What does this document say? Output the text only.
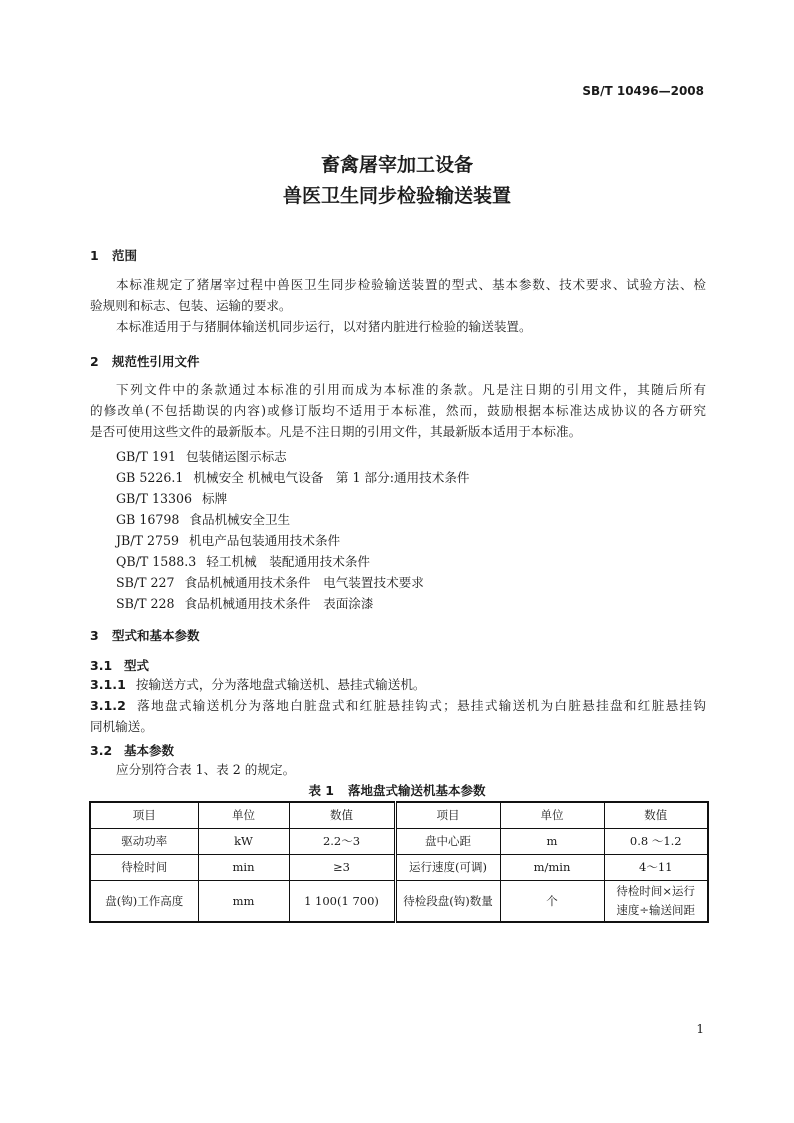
SB/T 10496—2008
畜禽屠宰加工设备
兽医卫生同步检验输送装置
1 范围
本标准规定了猪屠宰过程中兽医卫生同步检验输送装置的型式、基本参数、技术要求、试验方法、检
验规则和标志、包装、运输的要求。
本标准适用于与猪胴体输送机同步运行，以对猪内脏进行检验的输送装置。
2 规范性引用文件
下列文件中的条款通过本标准的引用而成为本标准的条款。凡是注日期的引用文件，其随后所有
的修改单(不包括勘误的内容)或修订版均不适用于本标准，然而，鼓励根据本标准达成协议的各方研究
是否可使用这些文件的最新版本。凡是不注日期的引用文件，其最新版本适用于本标准。
GB/T 191 包装储运图示标志
GB 5226.1 机械安全 机械电气设备　第 1 部分:通用技术条件
GB/T 13306 标牌
GB 16798 食品机械安全卫生
JB/T 2759 机电产品包装通用技术条件
QB/T 1588.3 轻工机械　装配通用技术条件
SB/T 227 食品机械通用技术条件　电气装置技术要求
SB/T 228 食品机械通用技术条件　表面涂漆
3 型式和基本参数
3.1 型式
3.1.1 按输送方式，分为落地盘式输送机、悬挂式输送机。
3.1.2 落地盘式输送机分为落地白脏盘式和红脏悬挂钩式；悬挂式输送机为白脏悬挂盘和红脏悬挂钩
同机输送。
3.2 基本参数
应分别符合表 1、表 2 的规定。
表 1 落地盘式输送机基本参数
项目	单位	数值	项目	单位	数值
驱动功率	kW	2.2～3	盘中心距	m	0.8 ～1.2
待检时间	min	≥3	运行速度(可调)	m/min	4～11
盘(钩)工作高度	mm	1 100(1 700)	待检段盘(钩)数量	个	待检时间×运行
速度÷输送间距
1
